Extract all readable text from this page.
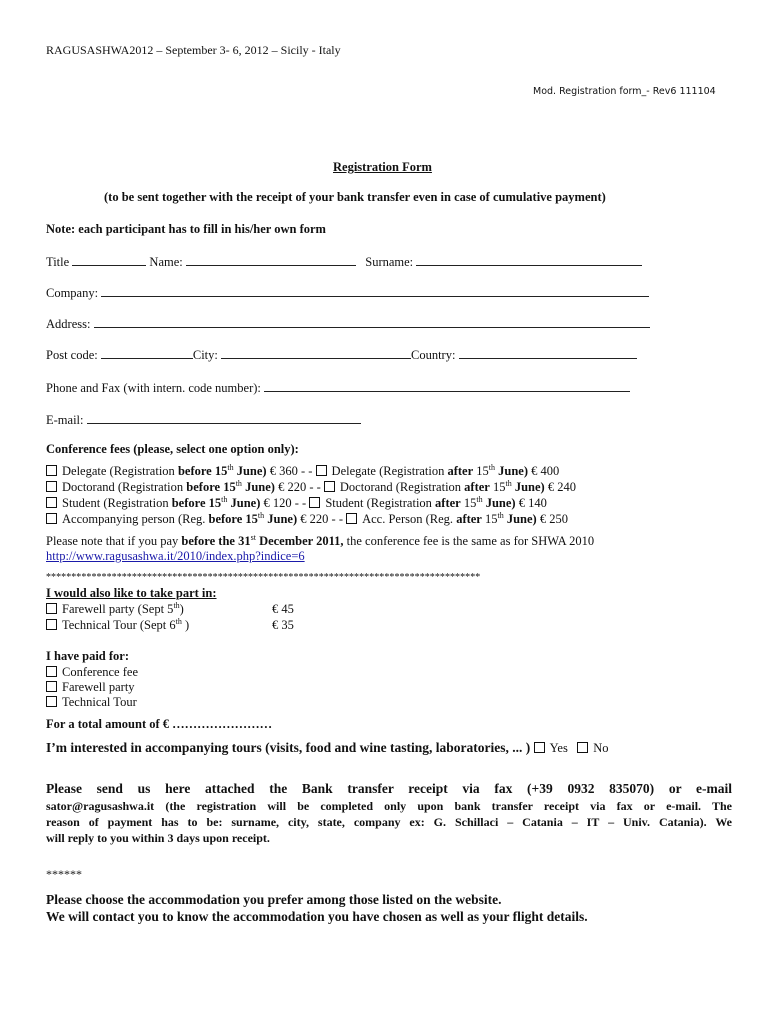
RAGUSASHWA2012 – September 3- 6, 2012 – Sicily - Italy
Mod. Registration form_- Rev6 111104
Registration Form
(to be sent together with the receipt of your bank transfer even in case of cumulative payment)
Note: each participant has to fill in his/her own form
Title	Name:	Surname:
Company:
Address:
Post code:	City:	Country:
Phone and Fax (with intern. code number):
E-mail:
Conference fees (please, select one option only):
Delegate (Registration before 15th June) € 360 - - Delegate (Registration after 15th June) € 400
Doctorand (Registration before 15th June) € 220 - - Doctorand (Registration after 15th June) € 240
Student (Registration before 15th June) € 120 - - Student (Registration after 15th June) € 140
Accompanying person (Reg. before 15th June) € 220 - - Acc. Person (Reg. after 15th June) € 250
Please note that if you pay before the 31st December 2011, the conference fee is the same as for SHWA 2010
http://www.ragusashwa.it/2010/index.php?indice=6
**************************************************************************************
I would also like to take part in:
Farewell party (Sept 5th)	€ 45
Technical Tour (Sept 6th )	€ 35
I have paid for:
Conference fee
Farewell party
Technical Tour
For a total amount of € ……………………
I’m interested in accompanying tours (visits, food and wine tasting, laboratories, ... ) Yes No
Please send us here attached the Bank transfer receipt via fax (+39 0932 835070) or e-mail
sator@ragusashwa.it (the registration will be completed only upon bank transfer receipt via fax or e-mail. The
reason of payment has to be: surname, city, state, company ex: G. Schillaci – Catania – IT – Univ. Catania). We
will reply to you within 3 days upon receipt.
******
Please choose the accommodation you prefer among those listed on the website.
We will contact you to know the accommodation you have chosen as well as your flight details.
